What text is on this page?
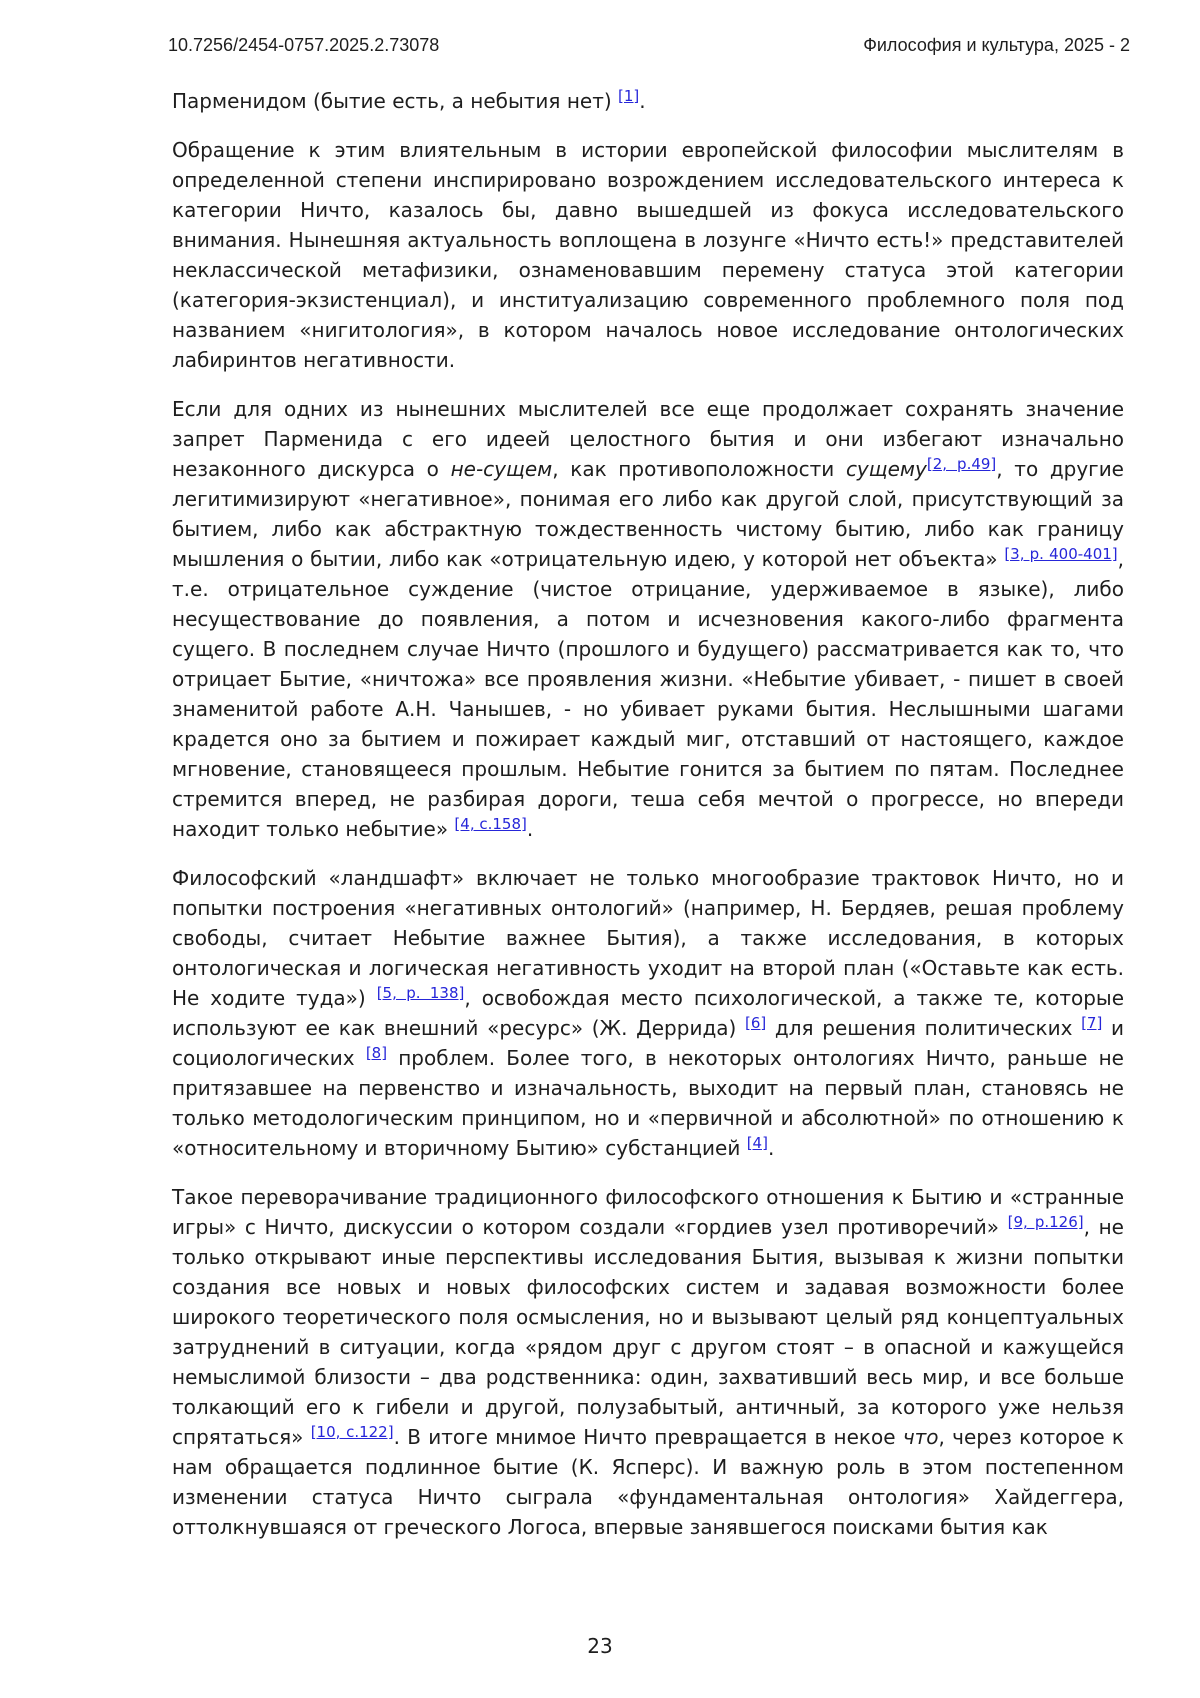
10.7256/2454-0757.2025.2.73078	Философия и культура, 2025 - 2

Парменидом (бытие есть, а небытия нет) [1].

Обращение к этим влиятельным в истории европейской философии мыслителям в определенной степени инспирировано возрождением исследовательского интереса к категории Ничто, казалось бы, давно вышедшей из фокуса исследовательского внимания. Нынешняя актуальность воплощена в лозунге «Ничто есть!» представителей неклассической метафизики, ознаменовавшим перемену статуса этой категории (категория-экзистенциал), и институализацию современного проблемного поля под названием «нигитология», в котором началось новое исследование онтологических лабиринтов негативности.

Если для одних из нынешних мыслителей все еще продолжает сохранять значение запрет Парменида с его идеей целостного бытия и они избегают изначально незаконного дискурса о не-сущем, как противоположности сущему[2, p.49], то другие легитимизируют «негативное», понимая его либо как другой слой, присутствующий за бытием, либо как абстрактную тождественность чистому бытию, либо как границу мышления о бытии, либо как «отрицательную идею, у которой нет объекта» [3, p. 400-401], т.е. отрицательное суждение (чистое отрицание, удерживаемое в языке), либо несуществование до появления, а потом и исчезновения какого-либо фрагмента сущего. В последнем случае Ничто (прошлого и будущего) рассматривается как то, что отрицает Бытие, «ничтожа» все проявления жизни. «Небытие убивает, - пишет в своей знаменитой работе А.Н. Чанышев, - но убивает руками бытия. Неслышными шагами крадется оно за бытием и пожирает каждый миг, отставший от настоящего, каждое мгновение, становящееся прошлым. Небытие гонится за бытием по пятам. Последнее стремится вперед, не разбирая дороги, теша себя мечтой о прогрессе, но впереди находит только небытие» [4, с.158].

Философский «ландшафт» включает не только многообразие трактовок Ничто, но и попытки построения «негативных онтологий» (например, Н. Бердяев, решая проблему свободы, считает Небытие важнее Бытия), а также исследования, в которых онтологическая и логическая негативность уходит на второй план («Оставьте как есть. Не ходите туда») [5, p. 138], освобождая место психологической, а также те, которые используют ее как внешний «ресурс» (Ж. Деррида) [6] для решения политических [7] и социологических [8] проблем. Более того, в некоторых онтологиях Ничто, раньше не притязавшее на первенство и изначальность, выходит на первый план, становясь не только методологическим принципом, но и «первичной и абсолютной» по отношению к «относительному и вторичному Бытию» субстанцией [4].

Такое переворачивание традиционного философского отношения к Бытию и «странные игры» с Ничто, дискуссии о котором создали «гордиев узел противоречий» [9, p.126], не только открывают иные перспективы исследования Бытия, вызывая к жизни попытки создания все новых и новых философских систем и задавая возможности более широкого теоретического поля осмысления, но и вызывают целый ряд концептуальных затруднений в ситуации, когда «рядом друг с другом стоят – в опасной и кажущейся немыслимой близости – два родственника: один, захвативший весь мир, и все больше толкающий его к гибели и другой, полузабытый, античный, за которого уже нельзя спрятаться» [10, с.122]. В итоге мнимое Ничто превращается в некое что, через которое к нам обращается подлинное бытие (К. Ясперс). И важную роль в этом постепенном изменении статуса Ничто сыграла «фундаментальная онтология» Хайдеггера, оттолкнувшаяся от греческого Логоса, впервые занявшегося поисками бытия как

23
